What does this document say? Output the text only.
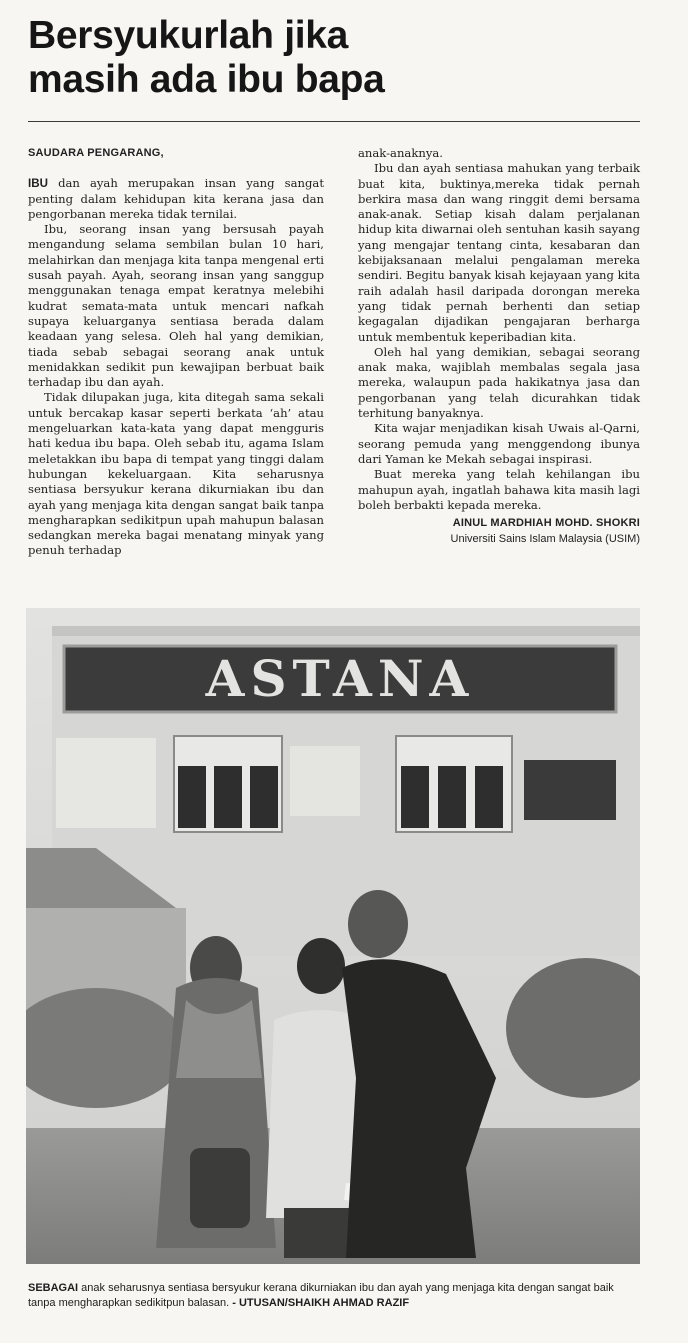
Bersyukurlah jika
masih ada ibu bapa
SAUDARA PENGARANG,

IBU dan ayah merupakan insan yang sangat penting dalam kehidupan kita kerana jasa dan pengorbanan mereka tidak ternilai.

Ibu, seorang insan yang bersusah payah mengandung selama sembilan bulan 10 hari, melahirkan dan menjaga kita tanpa mengenal erti susah payah. Ayah, seorang insan yang sanggup menggunakan tenaga empat keratnya melebihi kudrat semata-mata untuk mencari nafkah supaya keluarganya sentiasa berada dalam keadaan yang selesa. Oleh hal yang demikian, tiada sebab sebagai seorang anak untuk menidakkan sedikit pun kewajipan berbuat baik terhadap ibu dan ayah.

Tidak dilupakan juga, kita ditegah sama sekali untuk bercakap kasar seperti berkata ‘ah’ atau mengeluarkan kata-kata yang dapat mengguris hati kedua ibu bapa. Oleh sebab itu, agama Islam meletakkan ibu bapa di tempat yang tinggi dalam hubungan kekeluargaan. Kita seharusnya sentiasa bersyukur kerana dikurniakan ibu dan ayah yang menjaga kita dengan sangat baik tanpa mengharapkan sedikitpun upah mahupun balasan sedangkan mereka bagai menatang minyak yang penuh terhadap

anak-anaknya.

Ibu dan ayah sentiasa mahukan yang terbaik buat kita, buktinya,mereka tidak pernah berkira masa dan wang ringgit demi bersama anak-anak. Setiap kisah dalam perjalanan hidup kita diwarnai oleh sentuhan kasih sayang yang mengajar tentang cinta, kesabaran dan kebijaksanaan melalui pengalaman mereka sendiri. Begitu banyak kisah kejayaan yang kita raih adalah hasil daripada dorongan mereka yang tidak pernah berhenti dan setiap kegagalan dijadikan pengajaran berharga untuk membentuk keperibadian kita.

Oleh hal yang demikian, sebagai seorang anak maka, wajiblah membalas segala jasa mereka, walaupun pada hakikatnya jasa dan pengorbanan yang telah dicurahkan tidak terhitung banyaknya.

Kita wajar menjadikan kisah Uwais al-Qarni, seorang pemuda yang menggendong ibunya dari Yaman ke Mekah sebagai inspirasi.

Buat mereka yang telah kehilangan ibu mahupun ayah, ingatlah bahawa kita masih lagi boleh berbakti kepada mereka.

AINUL MARDHIAH MOHD. SHOKRI
Universiti Sains Islam Malaysia (USIM)
ASTANA
SEBAGAI anak seharusnya sentiasa bersyukur kerana dikurniakan ibu dan ayah yang menjaga kita dengan sangat baik tanpa mengharapkan sedikitpun balasan. - UTUSAN/SHAIKH AHMAD RAZIF
